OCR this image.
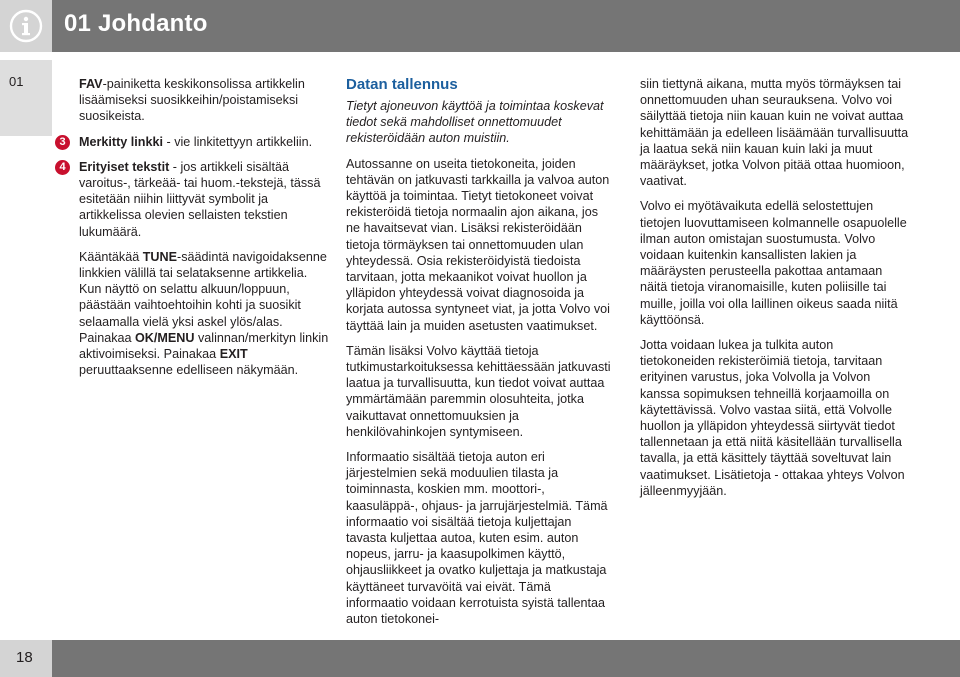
01 Johdanto
01	FAV-painiketta keskikonsolissa artikkelin lisäämiseksi suosikkeihin/poistamiseksi suosikeista.

3	Merkitty linkki - vie linkitettyyn artikkeliin.
4	Erityiset tekstit - jos artikkeli sisältää varoitus-, tärkeää- tai huom.-tekstejä, tässä esitetään niihin liittyvät symbolit ja artikkelissa olevien sellaisten tekstien lukumäärä.

Kääntäkää TUNE-säädintä navigoidaksenne linkkien välillä tai selataksenne artikkelia. Kun näyttö on selattu alkuun/loppuun, päästään vaihtoehtoihin kohti ja suosikit selaamalla vielä yksi askel ylös/alas. Painakaa OK/MENU valinnan/merkityn linkin aktivoimiseksi. Painakaa EXIT peruuttaaksenne edelliseen näkymään.

Datan tallennus

Tietyt ajoneuvon käyttöä ja toimintaa koskevat tiedot sekä mahdolliset onnettomuudet rekisteröidään auton muistiin.

Autossanne on useita tietokoneita, joiden tehtävän on jatkuvasti tarkkailla ja valvoa auton käyttöä ja toimintaa. Tietyt tietokoneet voivat rekisteröidä tietoja normaalin ajon aikana, jos ne havaitsevat vian. Lisäksi rekisteröidään tietoja törmäyksen tai onnettomuuden ulan yhteydessä. Osia rekisteröidyistä tiedoista tarvitaan, jotta mekaanikot voivat huollon ja ylläpidon yhteydessä voivat diagnosoida ja korjata autossa syntyneet viat, ja jotta Volvo voi täyttää lain ja muiden asetusten vaatimukset.

Tämän lisäksi Volvo käyttää tietoja tutkimustarkoituksessa kehittäessään jatkuvasti laatua ja turvallisuutta, kun tiedot voivat auttaa ymmärtämään paremmin olosuhteita, jotka vaikuttavat onnettomuuksien ja henkilövahinkojen syntymiseen.

Informaatio sisältää tietoja auton eri järjestelmien sekä moduulien tilasta ja toiminnasta, koskien mm. moottori-, kaasuläppä-, ohjaus- ja jarrujärjestelmiä. Tämä informaatio voi sisältää tietoja kuljettajan tavasta kuljettaa autoa, kuten esim. auton nopeus, jarru- ja kaasupolkimen käyttö, ohjausliikkeet ja ovatko kuljettaja ja matkustaja käyttäneet turvavöitä vai eivät. Tämä informaatio voidaan kerrotuista syistä tallentaa auton tietokonei-

siin tiettynä aikana, mutta myös törmäyksen tai onnettomuuden uhan seurauksena. Volvo voi säilyttää tietoja niin kauan kuin ne voivat auttaa kehittämään ja edelleen lisäämään turvallisuutta ja laatua sekä niin kauan kuin laki ja muut määräykset, jotka Volvon pitää ottaa huomioon, vaativat.

Volvo ei myötävaikuta edellä selostettujen tietojen luovuttamiseen kolmannelle osapuolelle ilman auton omistajan suostumusta. Volvo voidaan kuitenkin kansallisten lakien ja määräysten perusteella pakottaa antamaan näitä tietoja viranomaisille, kuten poliisille tai muille, joilla voi olla laillinen oikeus saada niitä käyttöönsä.

Jotta voidaan lukea ja tulkita auton tietokoneiden rekisteröimiä tietoja, tarvitaan erityinen varustus, joka Volvolla ja Volvon kanssa sopimuksen tehneillä korjaamoilla on käytettävissä. Volvo vastaa siitä, että Volvolle huollon ja ylläpidon yhteydessä siirtyvät tiedot tallennetaan ja että niitä käsitellään turvallisella tavalla, ja että käsittely täyttää soveltuvat lain vaatimukset. Lisätietoja - ottakaa yhteys Volvon jälleenmyyjään.

18
